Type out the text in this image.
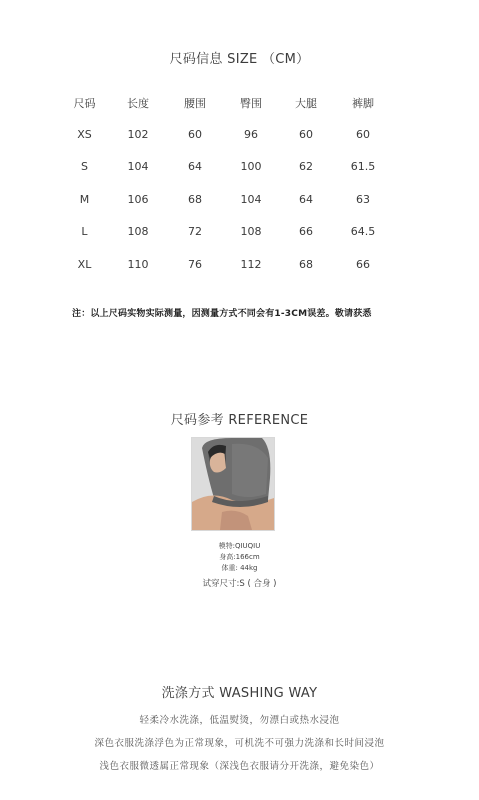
尺码信息 SIZE （CM）
尺码	长度	腰围	臀围	大腿	裤脚
XS	102	60	96	60	60
S	104	64	100	62	61.5
M	106	68	104	64	63
L	108	72	108	66	64.5
XL	110	76	112	68	66
注：以上尺码实物实际测量，因测量方式不同会有1-3CM误差。敬请获悉
尺码参考 REFERENCE
模特:QIUQIU
身高:166cm
体重: 44kg
试穿尺寸:S ( 合身 )
洗涤方式 WASHING WAY
轻柔冷水洗涤，低温熨烫，勿漂白或热水浸泡
深色衣服洗涤浮色为正常现象，可机洗不可强力洗涤和长时间浸泡
浅色衣服微透属正常现象（深浅色衣服请分开洗涤，避免染色）
